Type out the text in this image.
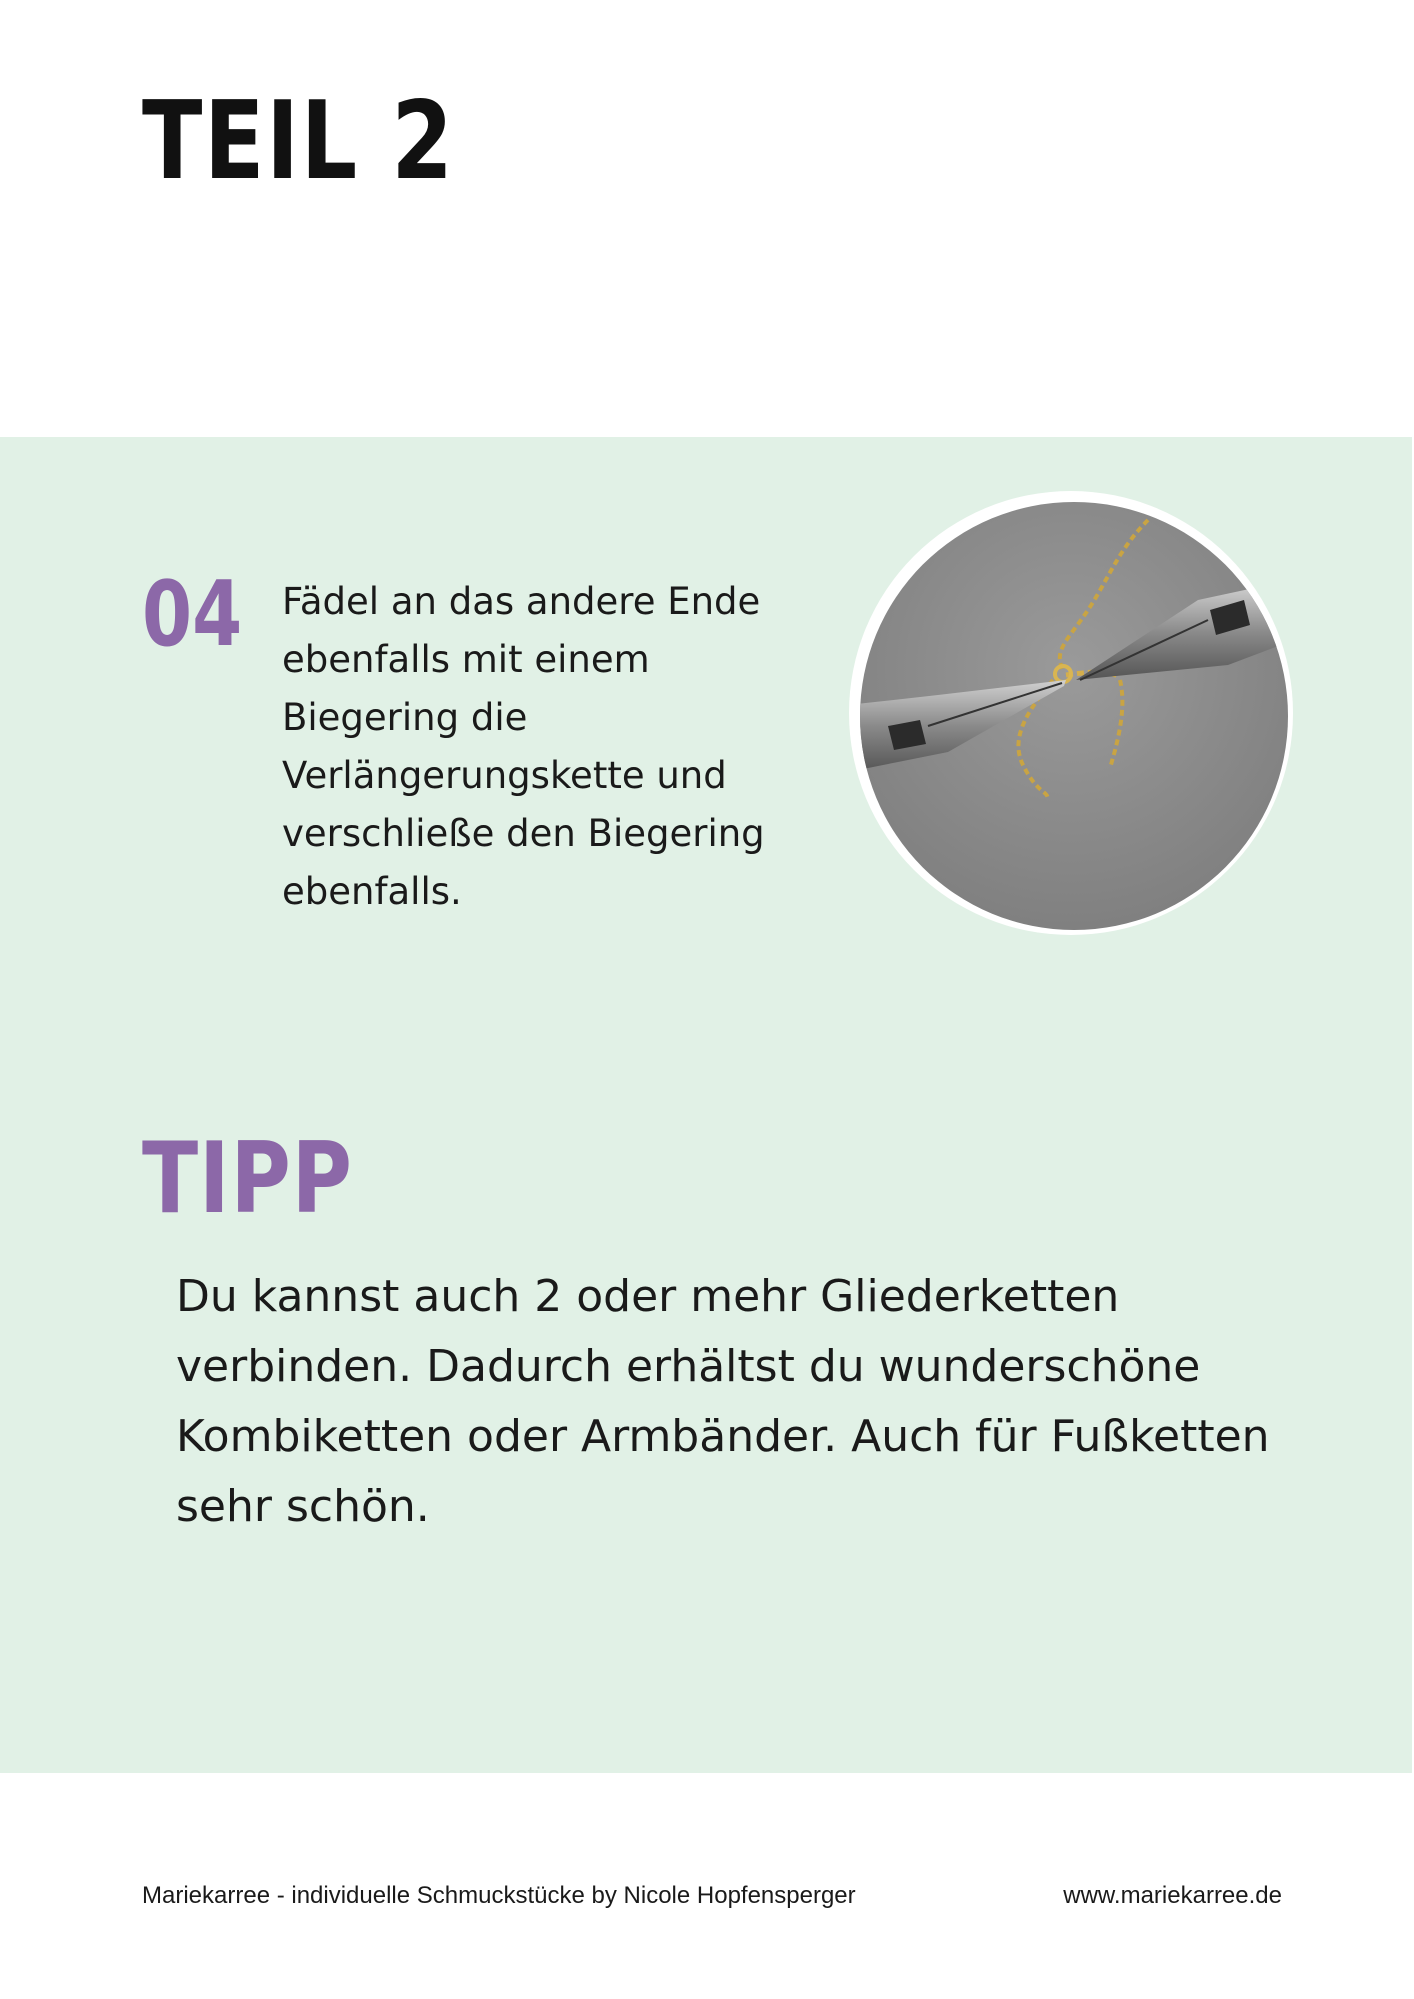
TEIL 2
04 Fädel an das andere Ende ebenfalls mit einem Biegering die Verlängerungskette und verschließe den Biegering ebenfalls.

TIPP

Du kannst auch 2 oder mehr Gliederketten verbinden. Dadurch erhältst du wunderschöne Kombiketten oder Armbänder. Auch für Fußketten sehr schön.

Mariekarree - individuelle Schmuckstücke by Nicole Hopfensperger	www.mariekarree.de
